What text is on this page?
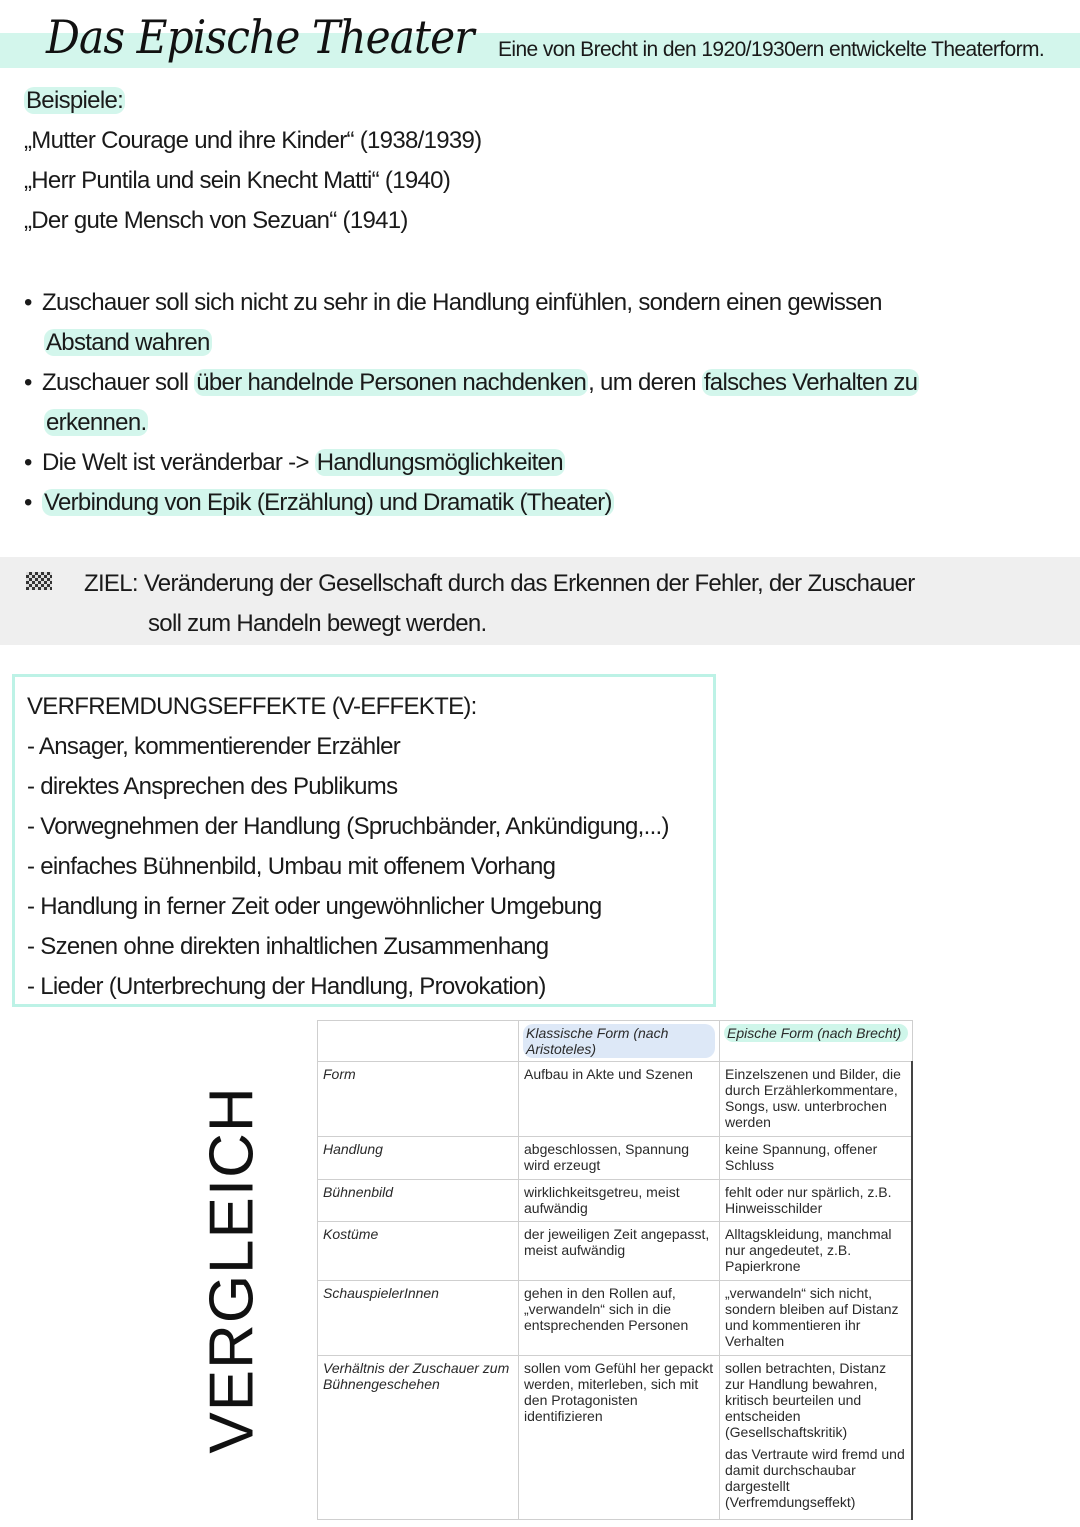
Das Epische Theater Eine von Brecht in den 1920/1930ern entwickelte Theaterform.
Beispiele:
„Mutter Courage und ihre Kinder“ (1938/1939)
„Herr Puntila und sein Knecht Matti“ (1940)
„Der gute Mensch von Sezuan“ (1941)
• Zuschauer soll sich nicht zu sehr in die Handlung einfühlen, sondern einen gewissen
Abstand wahren
• Zuschauer soll über handelnde Personen nachdenken, um deren falsches Verhalten zu
erkennen.
• Die Welt ist veränderbar -> Handlungsmöglichkeiten
• Verbindung von Epik (Erzählung) und Dramatik (Theater)
ZIEL: Veränderung der Gesellschaft durch das Erkennen der Fehler, der Zuschauer
soll zum Handeln bewegt werden.
VERFREMDUNGSEFFEKTE (V-EFFEKTE):
- Ansager, kommentierender Erzähler
- direktes Ansprechen des Publikums
- Vorwegnehmen der Handlung (Spruchbänder, Ankündigung,...)
- einfaches Bühnenbild, Umbau mit offenem Vorhang
- Handlung in ferner Zeit oder ungewöhnlicher Umgebung
- Szenen ohne direkten inhaltlichen Zusammenhang
- Lieder (Unterbrechung der Handlung, Provokation)
VERGLEICH

	Klassische Form (nach Aristoteles)	Epische Form (nach Brecht)

Form	Aufbau in Akte und Szenen	Einzelszenen und Bilder, die durch Erzählerkommentare, Songs, usw. unterbrochen werden

Handlung	abgeschlossen, Spannung wird erzeugt	keine Spannung, offener Schluss

Bühnenbild	wirklichkeitsgetreu, meist aufwändig	fehlt oder nur spärlich, z.B. Hinweisschilder

Kostüme	der jeweiligen Zeit angepasst, meist aufwändig	Alltagskleidung, manchmal nur angedeutet, z.B. Papierkrone

SchauspielerInnen	gehen in den Rollen auf, „verwandeln“ sich in die entsprechenden Personen	„verwandeln“ sich nicht, sondern bleiben auf Distanz und kommentieren ihr Verhalten

Verhältnis der Zuschauer zum Bühnengeschehen	sollen vom Gefühl her gepackt werden, miterleben, sich mit den Protagonisten identifizieren	sollen betrachten, Distanz zur Handlung bewahren, kritisch beurteilen und entscheiden (Gesellschaftskritik)
das Vertraute wird fremd und damit durchschaubar dargestellt (Verfremdungseffekt)
